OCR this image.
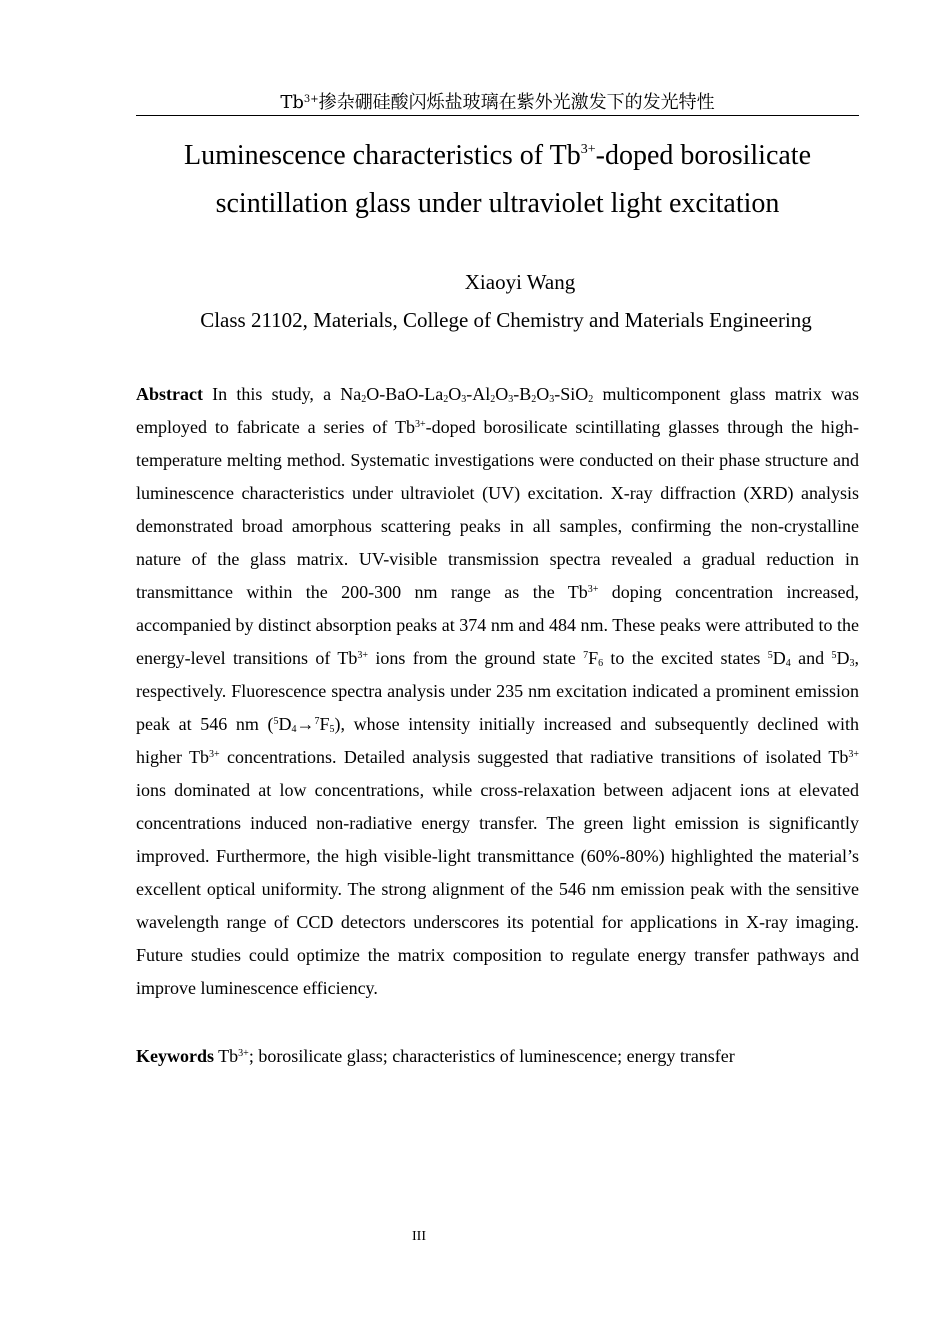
$Tb^{3+}$掺杂硼硅酸闪烁盐玻璃在紫外光激发下的发光特性
Luminescence characteristics of $Tb^{3+}$-doped borosilicate
scintillation glass under ultraviolet light excitation
Xiaoyi Wang
Class 21102, Materials, College of Chemistry and Materials Engineering

Abstract In this study, a $Na_2O-BaO-La_2O_3-Al_2O_3-B_2O_3-SiO_2$ multicomponent glass matrix was employed to fabricate a series of $Tb^{3+}$-doped borosilicate scintillating glasses through the high-temperature melting method. Systematic investigations were conducted on their phase structure and luminescence characteristics under ultraviolet (UV) excitation. X-ray diffraction (XRD) analysis demonstrated broad amorphous scattering peaks in all samples, confirming the non-crystalline nature of the glass matrix. UV-visible transmission spectra revealed a gradual reduction in transmittance within the 200-300 nm range as the $Tb^{3+}$ doping concentration increased, accompanied by distinct absorption peaks at 374 nm and 484 nm. These peaks were attributed to the energy-level transitions of $Tb^{3+}$ ions from the ground state $^7F_6$ to the excited states $^5D_4$ and $^5D_3$, respectively. Fluorescence spectra analysis under 235 nm excitation indicated a prominent emission peak at 546 nm $(^5D_4\to^7F_5)$, whose intensity initially increased and subsequently declined with higher $Tb^{3+}$ concentrations. Detailed analysis suggested that radiative transitions of isolated $Tb^{3+}$ ions dominated at low concentrations, while cross-relaxation between adjacent ions at elevated concentrations induced non-radiative energy transfer. The green light emission is significantly improved. Furthermore, the high visible-light transmittance (60%-80%) highlighted the material’s excellent optical uniformity. The strong alignment of the 546 nm emission peak with the sensitive wavelength range of CCD detectors underscores its potential for applications in X-ray imaging. Future studies could optimize the matrix composition to regulate energy transfer pathways and improve luminescence efficiency.

Keywords $Tb^{3+}$; borosilicate glass; characteristics of luminescence; energy transfer

III
